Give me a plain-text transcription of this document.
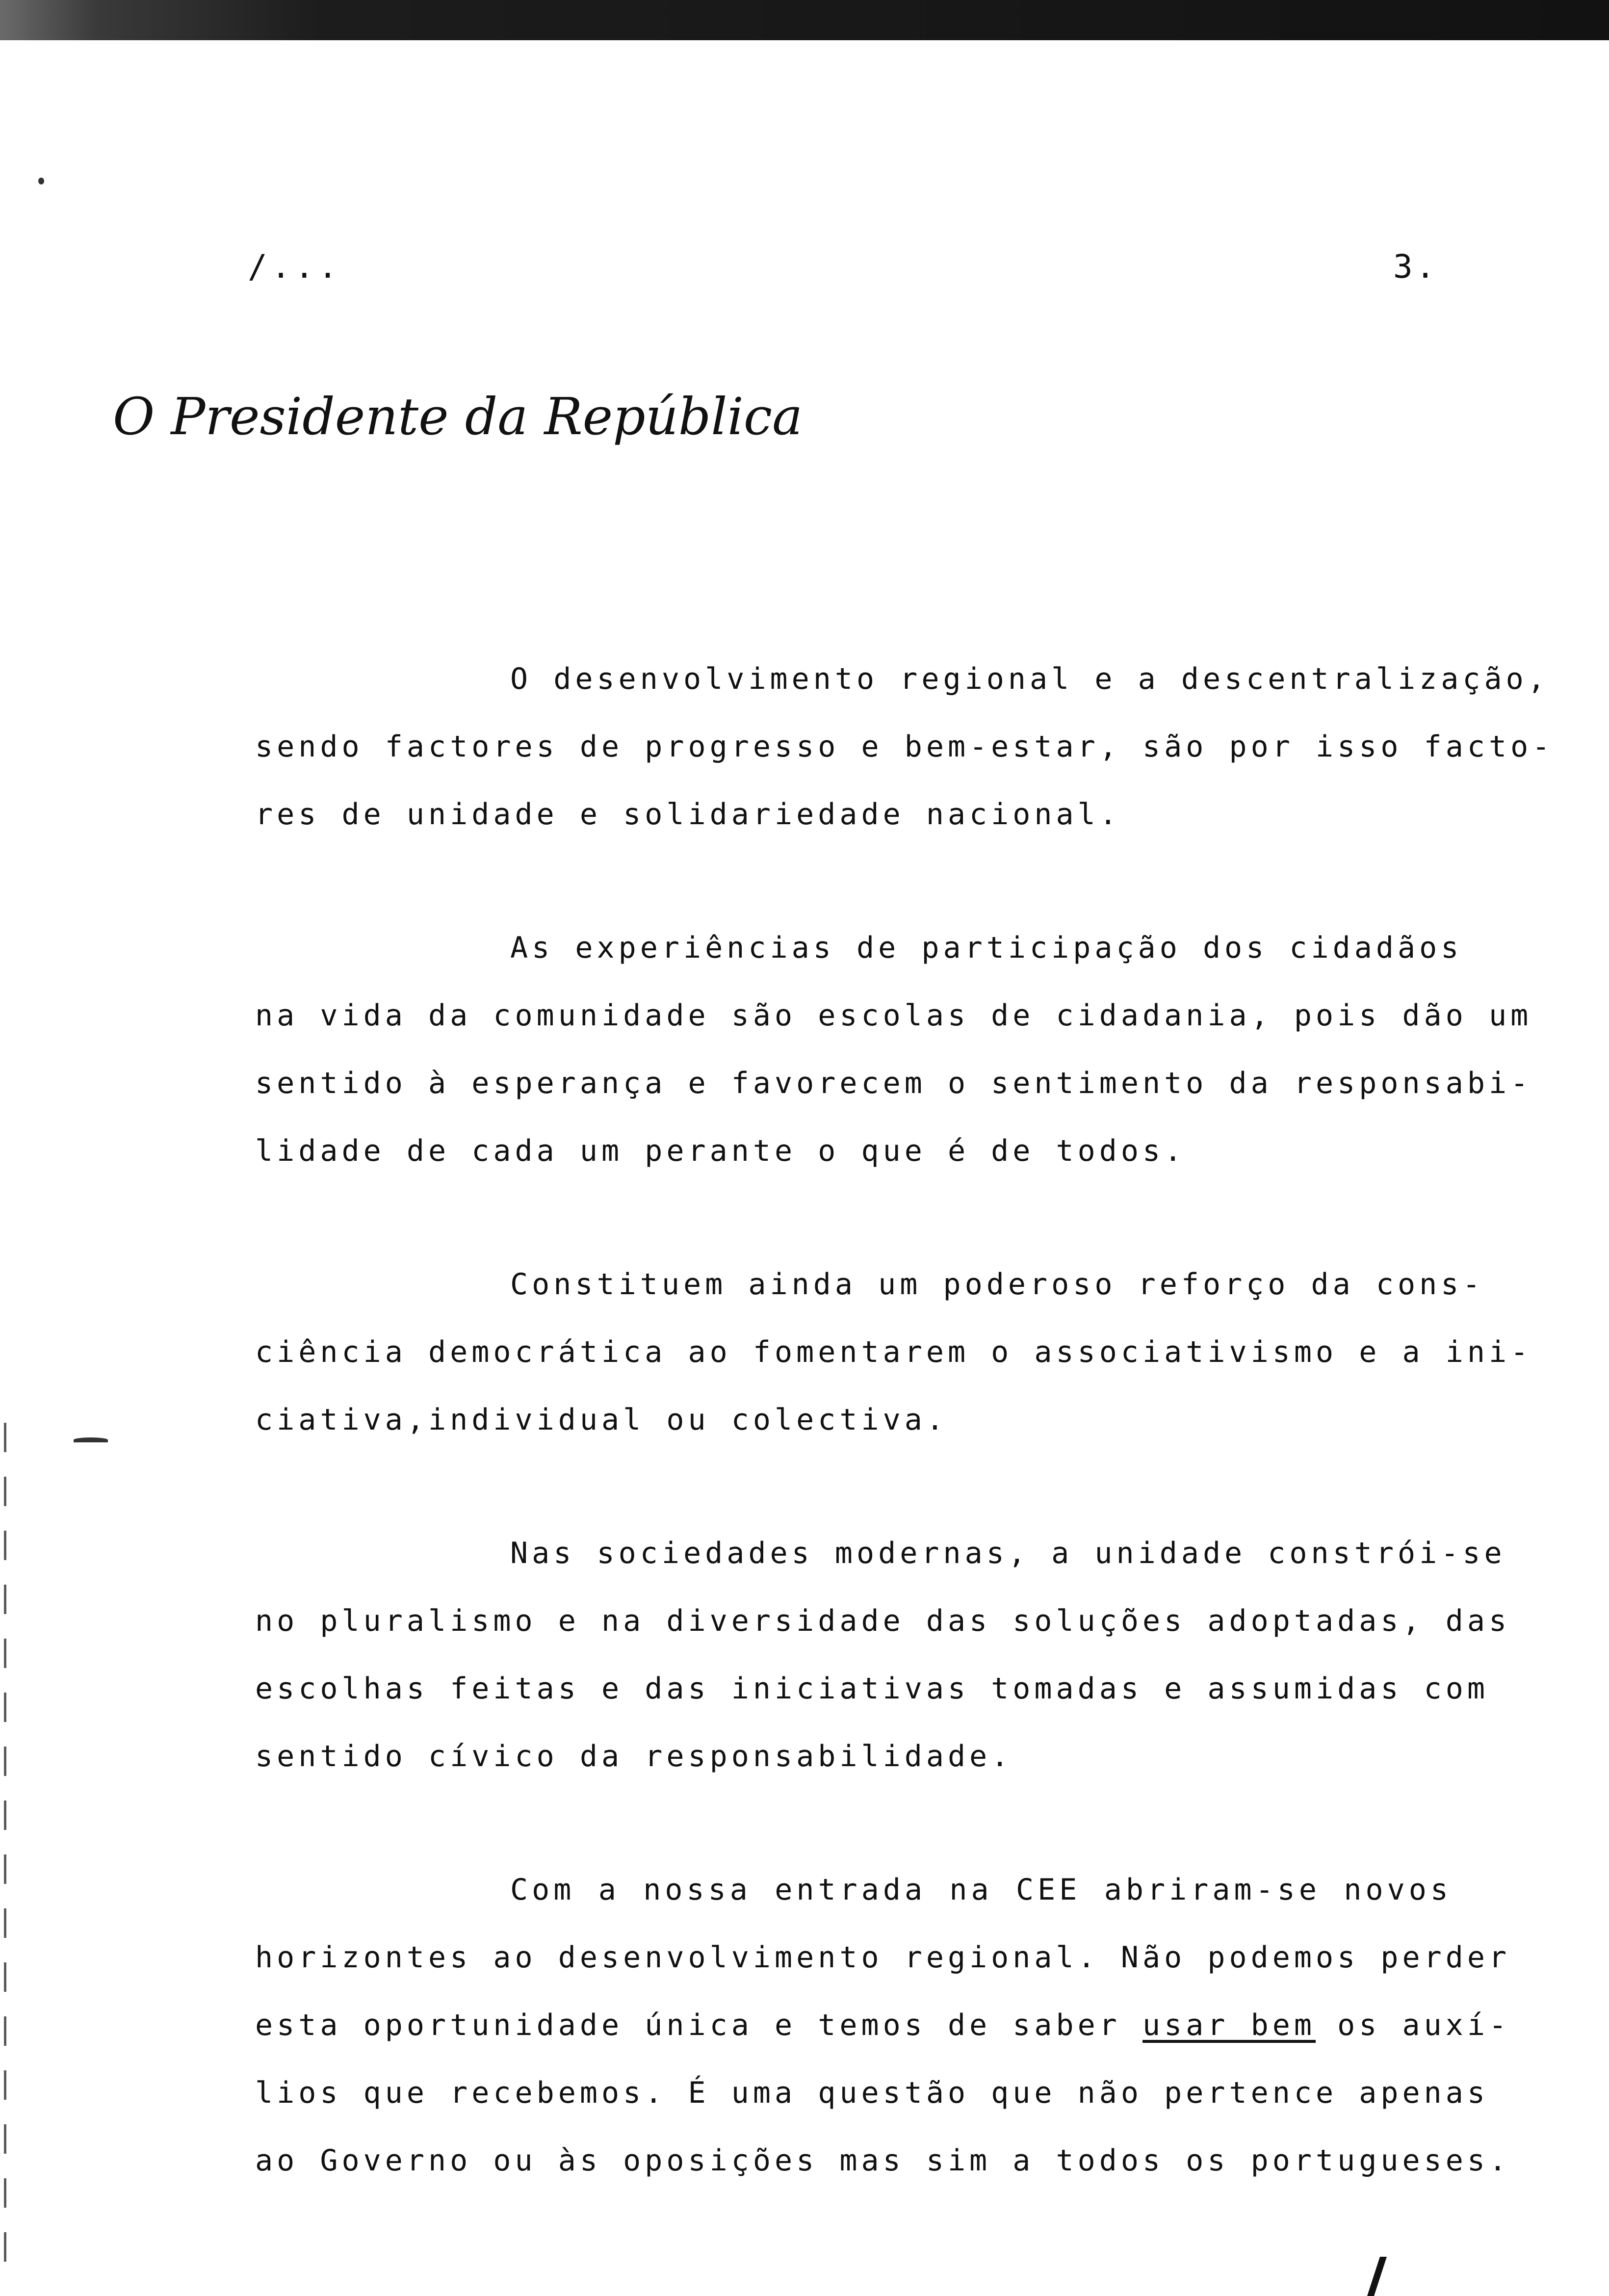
/...	3.
O Presidente da República
O desenvolvimento regional e a descentralização,
sendo factores de progresso e bem-estar, são por isso facto-
res de unidade e solidariedade nacional.
As experiências de participação dos cidadãos
na vida da comunidade são escolas de cidadania, pois dão um
sentido à esperança e favorecem o sentimento da responsabi-
lidade de cada um perante o que é de todos.
Constituem ainda um poderoso reforço da cons-
ciência democrática ao fomentarem o associativismo e a ini-
ciativa,individual ou colectiva.
Nas sociedades modernas, a unidade constrói-se
no pluralismo e na diversidade das soluções adoptadas, das
escolhas feitas e das iniciativas tomadas e assumidas com
sentido cívico da responsabilidade.
Com a nossa entrada na CEE abriram-se novos
horizontes ao desenvolvimento regional. Não podemos perder
esta oportunidade única e temos de saber usar bem os auxí-
lios que recebemos. É uma questão que não pertence apenas
ao Governo ou às oposições mas sim a todos os portugueses.
